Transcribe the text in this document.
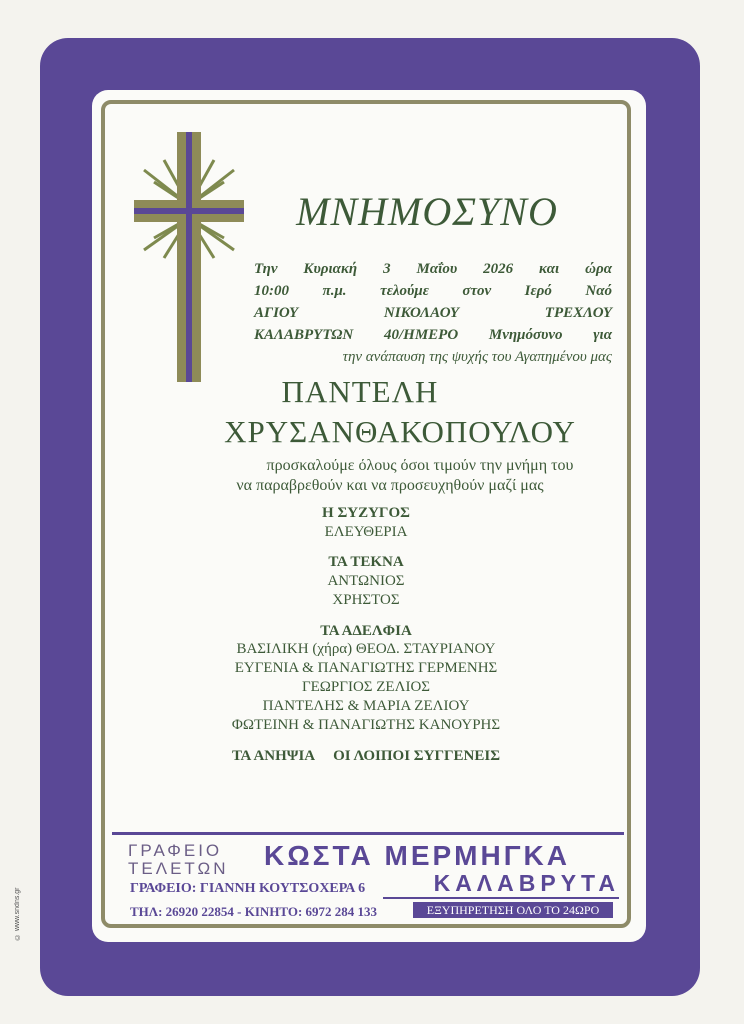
© www.sndns.gr
ΜΝΗΜΟΣΥΝΟ
Την Κυριακή 3 Μαΐου 2026 και ώρα
10:00 π.μ. τελούμε στον Ιερό Ναό
ΑΓΙΟΥ ΝΙΚΟΛΑΟΥ ΤΡΕΧΛΟΥ
ΚΑΛΑΒΡΥΤΩΝ 40/ΗΜΕΡΟ Μνημόσυνο για
την ανάπαυση της ψυχής του Αγαπημένου μας
ΠΑΝΤΕΛΗ
ΧΡΥΣΑΝΘΑΚΟΠΟΥΛΟΥ
προσκαλούμε όλους όσοι τιμούν την μνήμη του
να παραβρεθούν και να προσευχηθούν μαζί μας
Η ΣΥΖΥΓΟΣ
ΕΛΕΥΘΕΡΙΑ
ΤΑ ΤΕΚΝΑ
ΑΝΤΩΝΙΟΣ
ΧΡΗΣΤΟΣ
ΤΑ ΑΔΕΛΦΙΑ
ΒΑΣΙΛΙΚΗ (χήρα) ΘΕΟΔ. ΣΤΑΥΡΙΑΝΟΥ
ΕΥΓΕΝΙΑ & ΠΑΝΑΓΙΩΤΗΣ ΓΕΡΜΕΝΗΣ
ΓΕΩΡΓΙΟΣ ΖΕΛΙΟΣ
ΠΑΝΤΕΛΗΣ & ΜΑΡΙΑ ΖΕΛΙΟΥ
ΦΩΤΕΙΝΗ & ΠΑΝΑΓΙΩΤΗΣ ΚΑΝΟΥΡΗΣ
ΤΑ ΑΝΗΨΙΑ     ΟΙ ΛΟΙΠΟΙ ΣΥΓΓΕΝΕΙΣ
ΓΡΑΦΕΙΟ
ΤΕΛΕΤΩΝ	ΚΩΣΤΑ ΜΕΡΜΗΓΚΑ
ΓΡΑΦΕΙΟ: ΓΙΑΝΝΗ ΚΟΥΤΣΟΧΕΡΑ 6	ΚΑΛΑΒΡΥΤΑ
ΤΗΛ: 26920 22854 - ΚΙΝΗΤΟ: 6972 284 133	ΕΞΥΠΗΡΕΤΗΣΗ ΟΛΟ ΤΟ 24ΩΡΟ
